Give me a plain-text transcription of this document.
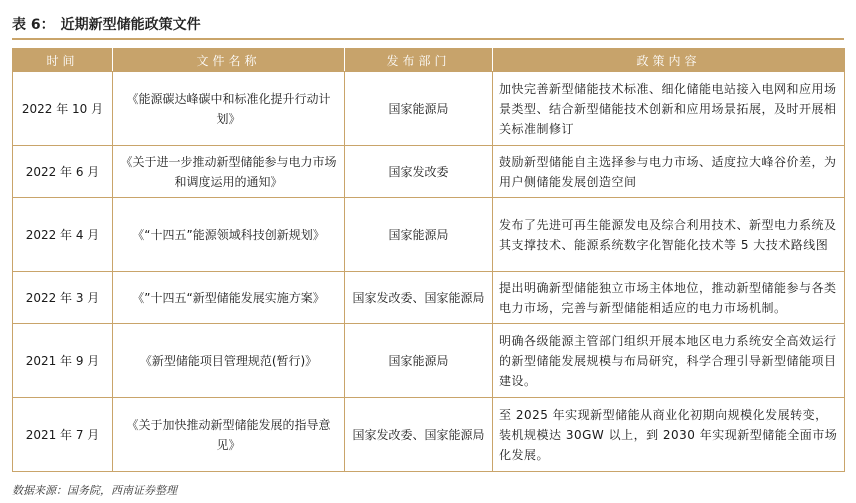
表 6： 近期新型储能政策文件
时间	文件名称	发布部门	政策内容
2022 年 10 月	《能源碳达峰碳中和标准化提升行动计划》	国家能源局	加快完善新型储能技术标准、细化储能电站接入电网和应用场景类型、结合新型储能技术创新和应用场景拓展，及时开展相关标准制修订
2022 年 6 月	《关于进一步推动新型储能参与电力市场和调度运用的通知》	国家发改委	鼓励新型储能自主选择参与电力市场、适度拉大峰谷价差，为用户侧储能发展创造空间
2022 年 4 月	《“十四五”能源领域科技创新规划》	国家能源局	发布了先进可再生能源发电及综合利用技术、新型电力系统及其支撑技术、能源系统数字化智能化技术等 5 大技术路线图
2022 年 3 月	《”十四五“新型储能发展实施方案》	国家发改委、国家能源局	提出明确新型储能独立市场主体地位，推动新型储能参与各类电力市场，完善与新型储能相适应的电力市场机制。
2021 年 9 月	《新型储能项目管理规范(暂行)》	国家能源局	明确各级能源主管部门组织开展本地区电力系统安全高效运行的新型储能发展规模与布局研究，科学合理引导新型储能项目建设。
2021 年 7 月	《关于加快推动新型储能发展的指导意见》	国家发改委、国家能源局	至 2025 年实现新型储能从商业化初期向规模化发展转变，装机规模达 30GW 以上，到 2030 年实现新型储能全面市场化发展。
数据来源：国务院，西南证券整理
